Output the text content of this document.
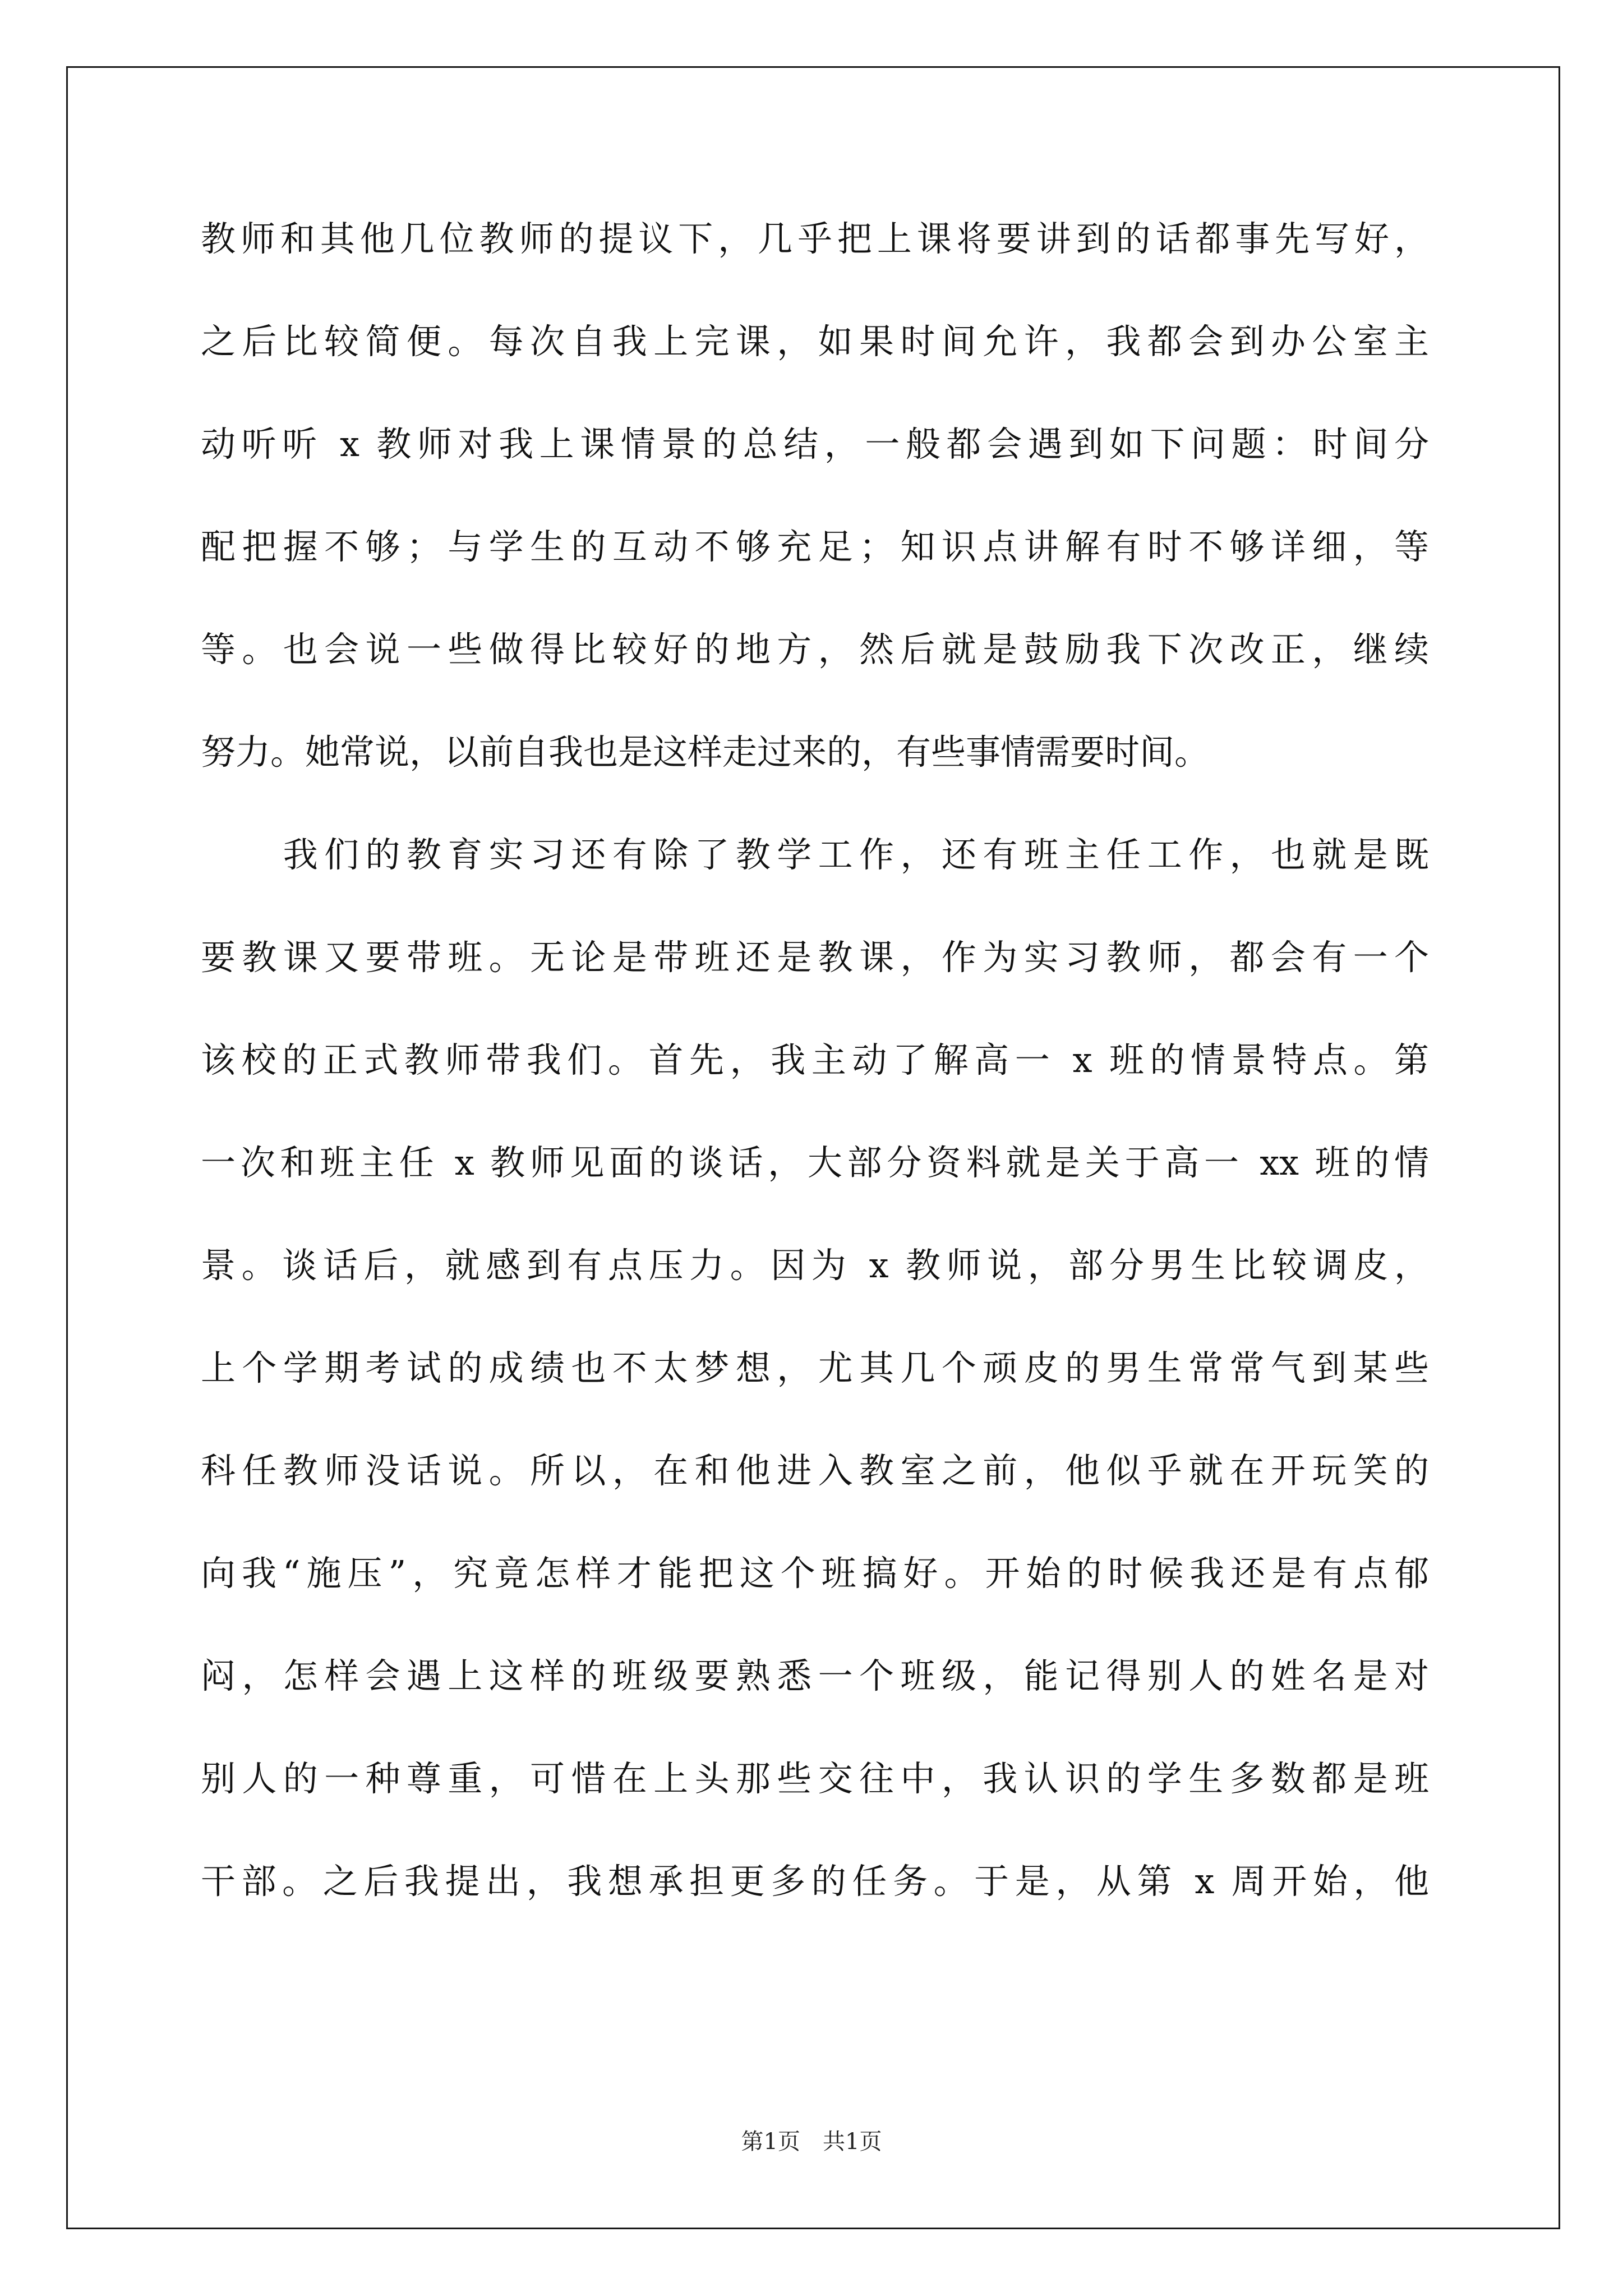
教师和其他几位教师的提议下，几乎把上课将要讲到的话都事先写好，
之后比较简便。每次自我上完课，如果时间允许，我都会到办公室主
动听听 x 教师对我上课情景的总结，一般都会遇到如下问题：时间分
配把握不够；与学生的互动不够充足；知识点讲解有时不够详细，等
等。也会说一些做得比较好的地方，然后就是鼓励我下次改正，继续
努力。她常说，以前自我也是这样走过来的，有些事情需要时间。
　　我们的教育实习还有除了教学工作，还有班主任工作，也就是既
要教课又要带班。无论是带班还是教课，作为实习教师，都会有一个
该校的正式教师带我们。首先，我主动了解高一 x 班的情景特点。第
一次和班主任 x 教师见面的谈话，大部分资料就是关于高一 xx 班的情
景。谈话后，就感到有点压力。因为 x 教师说，部分男生比较调皮，
上个学期考试的成绩也不太梦想，尤其几个顽皮的男生常常气到某些
科任教师没话说。所以，在和他进入教室之前，他似乎就在开玩笑的
向我“施压”，究竟怎样才能把这个班搞好。开始的时候我还是有点郁
闷，怎样会遇上这样的班级要熟悉一个班级，能记得别人的姓名是对
别人的一种尊重，可惜在上头那些交往中，我认识的学生多数都是班
干部。之后我提出，我想承担更多的任务。于是，从第 x 周开始，他
第1页　共1页
